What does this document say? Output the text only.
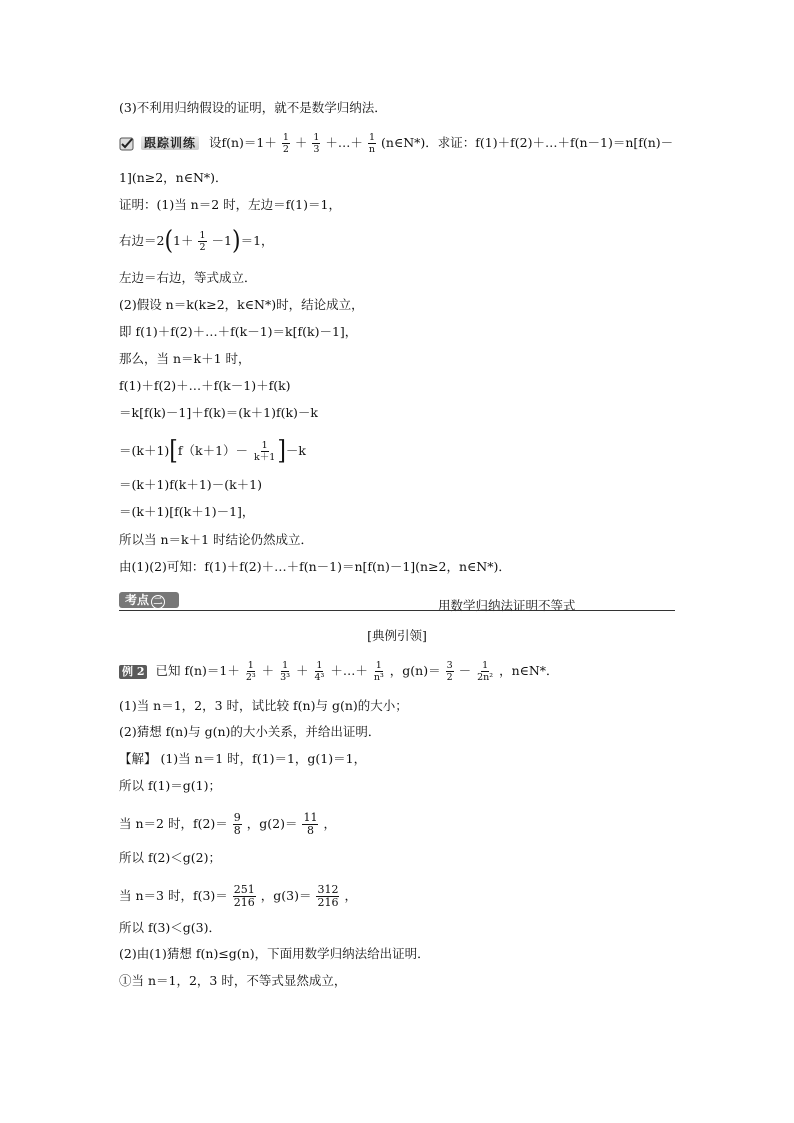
(3)不利用归纳假设的证明，就不是数学归纳法．
跟踪训练 设$f(n)=1+ \frac{1}{2} + \frac{1}{3}$ ＋…＋ $\frac{1}{n}$ (n∈N*)．求证：f(1)＋f(2)＋…＋f(n－1)＝n[f(n)－
1](n≥2，n∈N*)．
证明：(1)当 n＝2 时，左边＝f(1)＝1，
右边$=2(1+ \frac{1}{2} -1)=1$，
左边＝右边，等式成立．
(2)假设 n＝k(k≥2，k∈N*)时，结论成立，
即 f(1)＋f(2)＋…＋f(k－1)＝k[f(k)－1]，
那么，当 n＝k＋1 时，
f(1)＋f(2)＋…＋f(k－1)＋f(k)
＝k[f(k)－1]＋f(k)＝(k＋1)f(k)－k
$=(k+1)[f(k+1)- \frac{1}{k+1} ]-k$
＝(k＋1)f(k＋1)－(k＋1)
＝(k＋1)[f(k＋1)－1]，
所以当 n＝k＋1 时结论仍然成立．
由(1)(2)可知：f(1)＋f(2)＋…＋f(n－1)＝n[f(n)－1](n≥2，n∈N*)．
考点 二	用数学归纳法证明不等式
[典例引领]
例 2 已知 $f(n)=1+ \frac{1}{\text{2³}} + \frac{1}{\text{3³}} + \frac{1}{\text{4³}}$ ＋…＋ $\frac{1}{\text{n³}}$ ，$g(n)= \frac{3}{2} - \frac{1}{\text{2n²}}$ ，n∈N*．
(1)当 n＝1，2，3 时，试比较 f(n)与 g(n)的大小；
(2)猜想 f(n)与 g(n)的大小关系，并给出证明．
【解】 (1)当 n＝1 时，f(1)＝1，g(1)＝1，
所以 f(1)＝g(1)；
当 n＝2 时，$f(2)= \frac{9}{8}$ ，$g(2)= \frac{11}{8}$ ，
所以 f(2)＜g(2)；
当 n＝3 时，$f(3)= \frac{251}{216}$ ，$g(3)= \frac{312}{216}$ ，
所以 f(3)＜g(3)．
(2)由(1)猜想 f(n)≤g(n)，下面用数学归纳法给出证明．
①当 n＝1，2，3 时，不等式显然成立，
